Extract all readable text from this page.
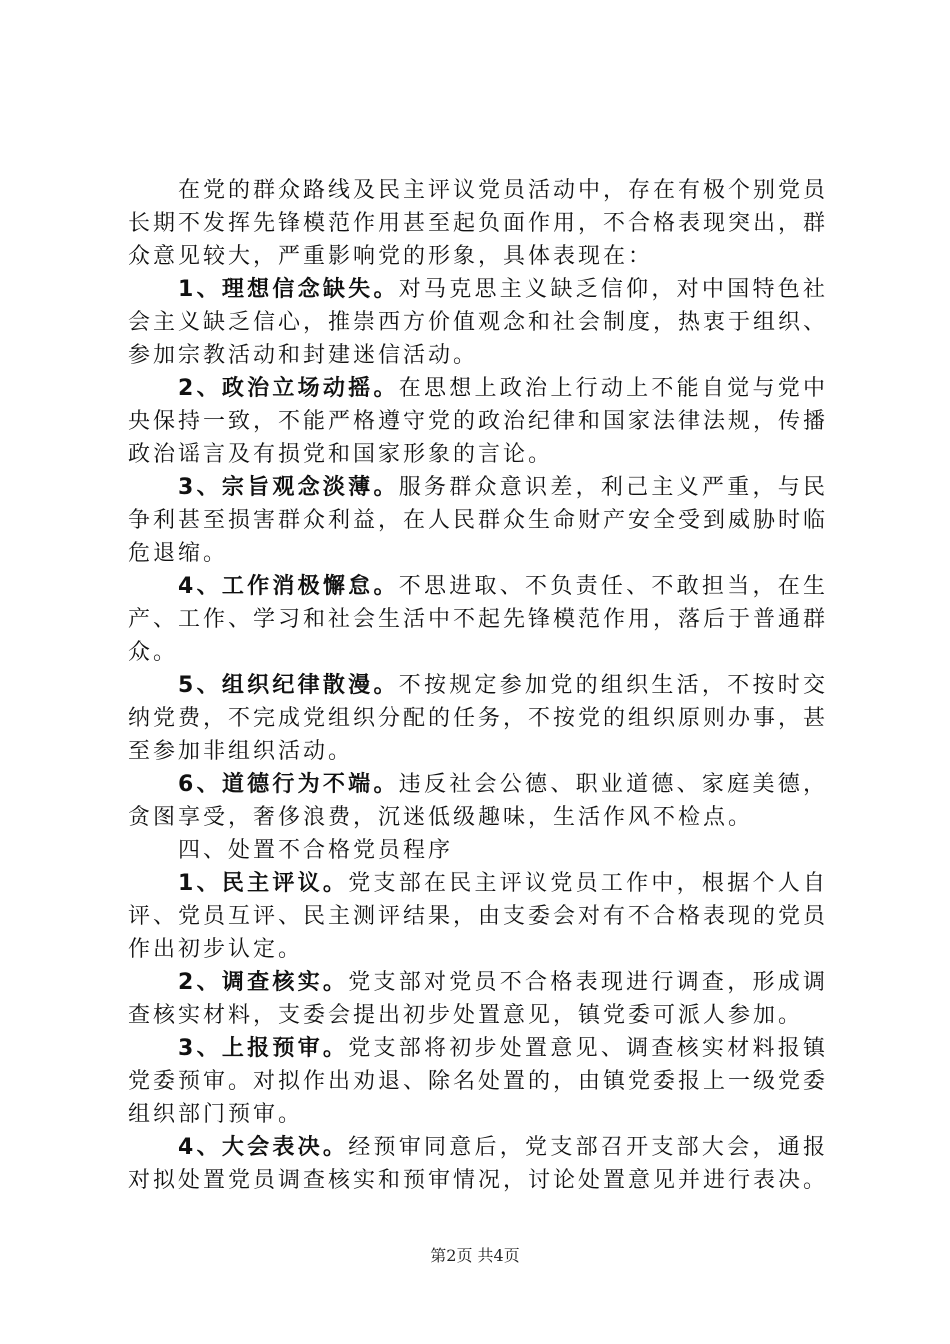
在党的群众路线及民主评议党员活动中，存在有极个别党员长期不发挥先锋模范作用甚至起负面作用，不合格表现突出，群众意见较大，严重影响党的形象，具体表现在：

1、理想信念缺失。对马克思主义缺乏信仰，对中国特色社会主义缺乏信心，推崇西方价值观念和社会制度，热衷于组织、参加宗教活动和封建迷信活动。

2、政治立场动摇。在思想上政治上行动上不能自觉与党中央保持一致，不能严格遵守党的政治纪律和国家法律法规，传播政治谣言及有损党和国家形象的言论。

3、宗旨观念淡薄。服务群众意识差，利己主义严重，与民争利甚至损害群众利益，在人民群众生命财产安全受到威胁时临危退缩。

4、工作消极懈怠。不思进取、不负责任、不敢担当，在生产、工作、学习和社会生活中不起先锋模范作用，落后于普通群众。

5、组织纪律散漫。不按规定参加党的组织生活，不按时交纳党费，不完成党组织分配的任务，不按党的组织原则办事，甚至参加非组织活动。

6、道德行为不端。违反社会公德、职业道德、家庭美德，贪图享受，奢侈浪费，沉迷低级趣味，生活作风不检点。

四、处置不合格党员程序

1、民主评议。党支部在民主评议党员工作中，根据个人自评、党员互评、民主测评结果，由支委会对有不合格表现的党员作出初步认定。

2、调查核实。党支部对党员不合格表现进行调查，形成调查核实材料，支委会提出初步处置意见，镇党委可派人参加。

3、上报预审。党支部将初步处置意见、调查核实材料报镇党委预审。对拟作出劝退、除名处置的，由镇党委报上一级党委组织部门预审。

4、大会表决。经预审同意后，党支部召开支部大会，通报对拟处置党员调查核实和预审情况，讨论处置意见并进行表决。

第2页 共4页
